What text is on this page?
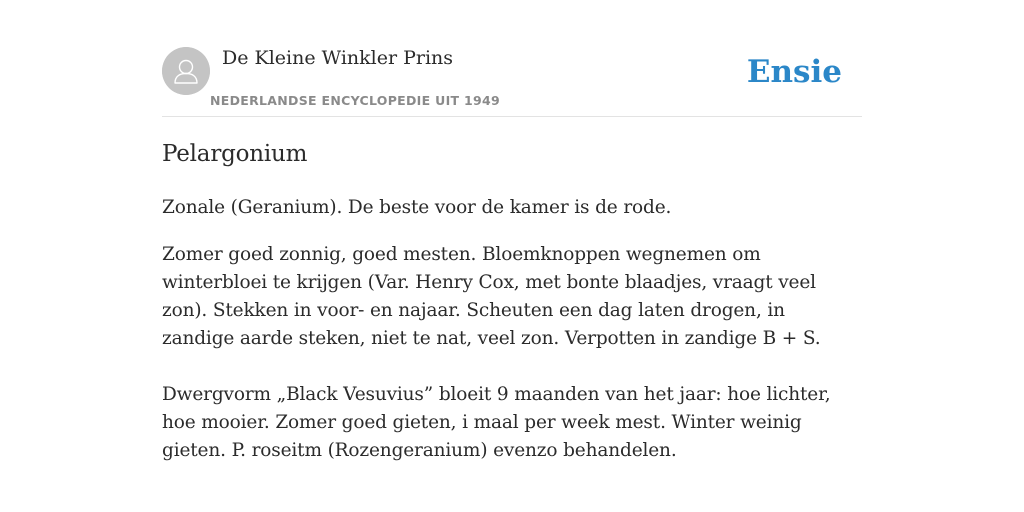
De Kleine Winkler Prins
NEDERLANDSE ENCYCLOPEDIE UIT 1949
Ensie
Pelargonium

Zonale (Geranium). De beste voor de kamer is de rode.

Zomer goed zonnig, goed mesten. Bloemknoppen wegnemen om winterbloei te krijgen (Var. Henry Cox, met bonte blaadjes, vraagt veel zon). Stekken in voor- en najaar. Scheuten een dag laten drogen, in zandige aarde steken, niet te nat, veel zon. Verpotten in zandige B + S.

Dwergvorm „Black Vesuvius” bloeit 9 maanden van het jaar: hoe lichter, hoe mooier. Zomer goed gieten, i maal per week mest. Winter weinig gieten. P. roseitm (Rozengeranium) evenzo behandelen.
